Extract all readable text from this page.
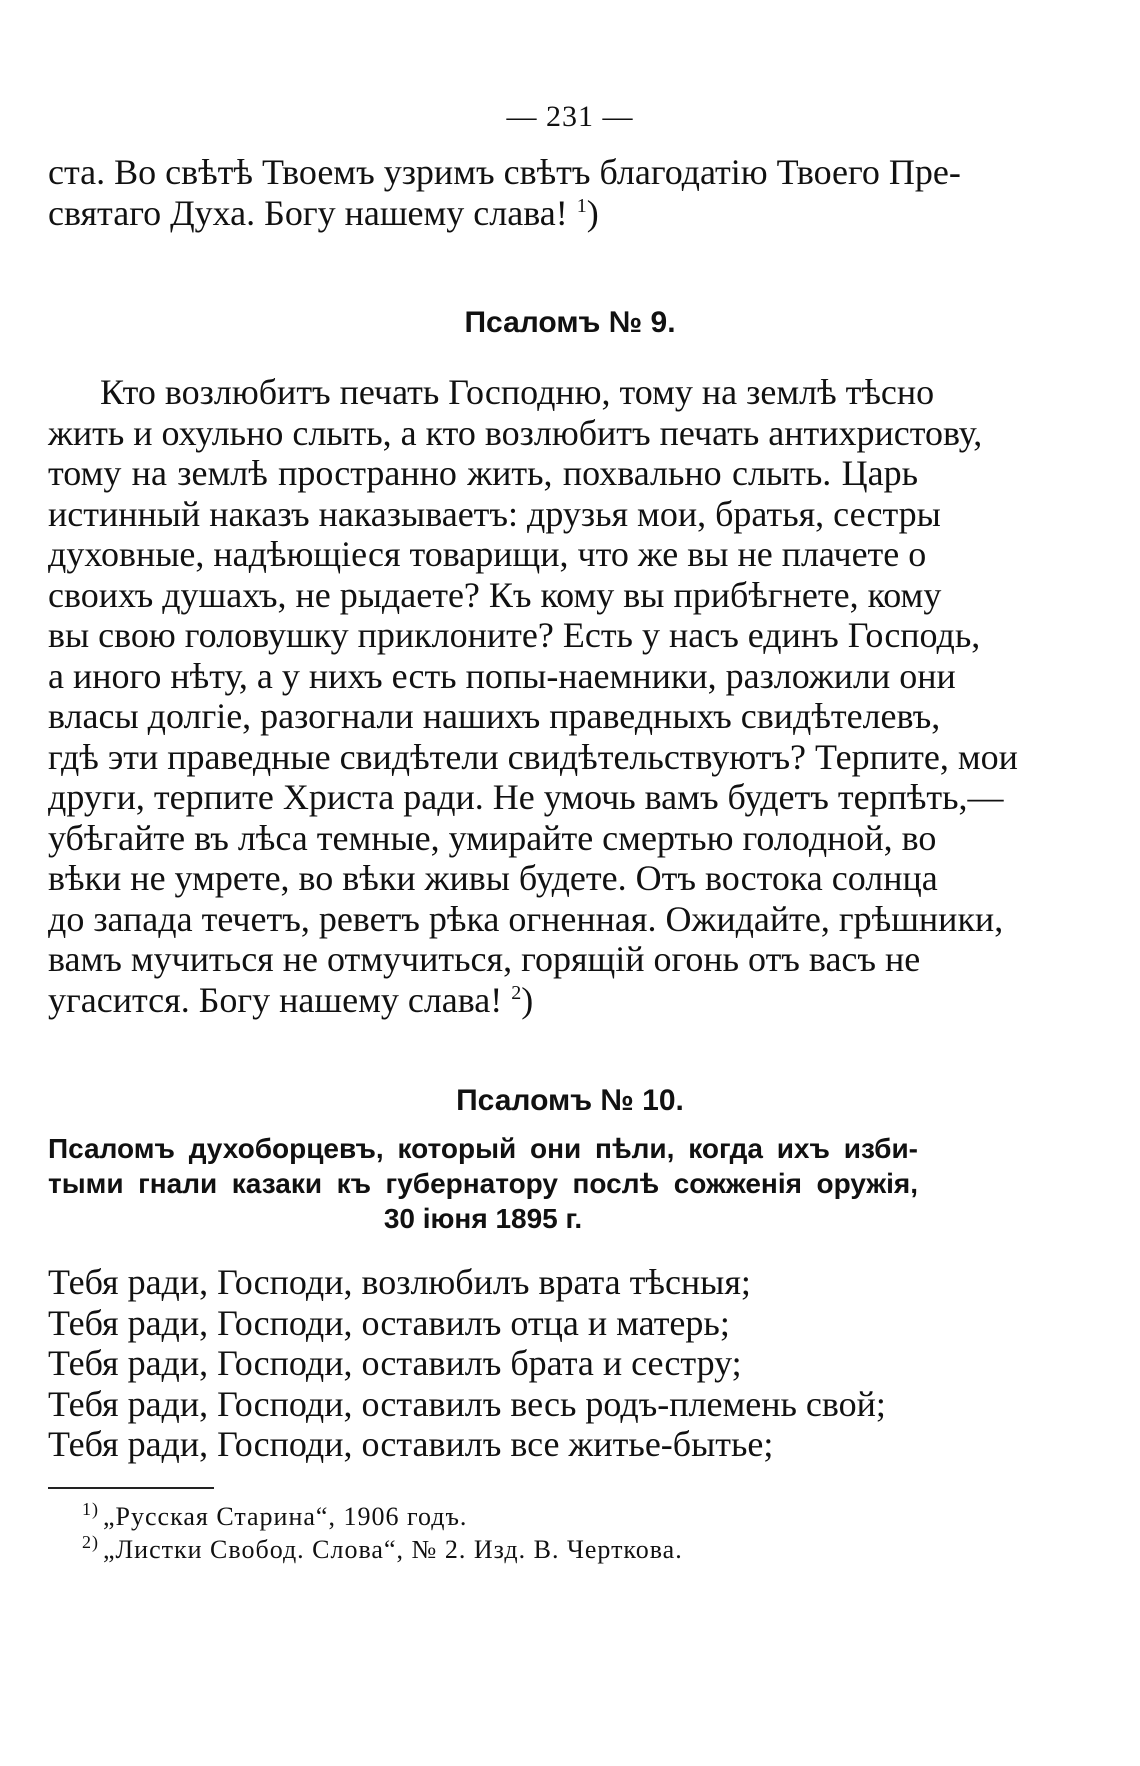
— 231 —
ста. Во свѣтѣ Твоемъ узримъ свѣтъ благодатію Твоего Пре-
святаго Духа. Богу нашему слава! $^1$)
Псаломъ № 9.
Кто возлюбитъ печать Господню, тому на землѣ тѣсно
жить и охульно слыть, а кто возлюбитъ печать антихристову,
тому на землѣ пространно жить, похвально слыть. Царь
истинный наказъ наказываетъ: друзья мои, братья, сестры
духовные, надѣющіеся товарищи, что же вы не плачете о
своихъ душахъ, не рыдаете? Къ кому вы прибѣгнете, кому
вы свою головушку приклоните? Есть у насъ единъ Господь,
а иного нѣту, а у нихъ есть попы-наемники, разложили они
власы долгіе, разогнали нашихъ праведныхъ свидѣтелевъ,
гдѣ эти праведные свидѣтели свидѣтельствуютъ? Терпите, мои
други, терпите Христа ради. Не умочь вамъ будетъ терпѣть,—
убѣгайте въ лѣса темные, умирайте смертью голодной, во
вѣки не умрете, во вѣки живы будете. Отъ востока солнца
до запада течетъ, реветъ рѣка огненная. Ожидайте, грѣшники,
вамъ мучиться не отмучиться, горящій огонь отъ васъ не
угасится. Богу нашему слава! $^2$)
Псаломъ № 10.
Псаломъ духоборцевъ, который они пѣли, когда ихъ изби-
тыми гнали казаки къ губернатору послѣ сожженія оружія,
30 іюня 1895 г.
Тебя ради, Господи, возлюбилъ врата тѣсныя;
Тебя ради, Господи, оставилъ отца и матерь;
Тебя ради, Господи, оставилъ брата и сестру;
Тебя ради, Господи, оставилъ весь родъ-племень свой;
Тебя ради, Господи, оставилъ все житье-бытье;
$^{1)}$ „Русская Старина“, 1906 годъ.
$^{2)}$ „Листки Свобод. Слова“, № 2. Изд. В. Черткова.
